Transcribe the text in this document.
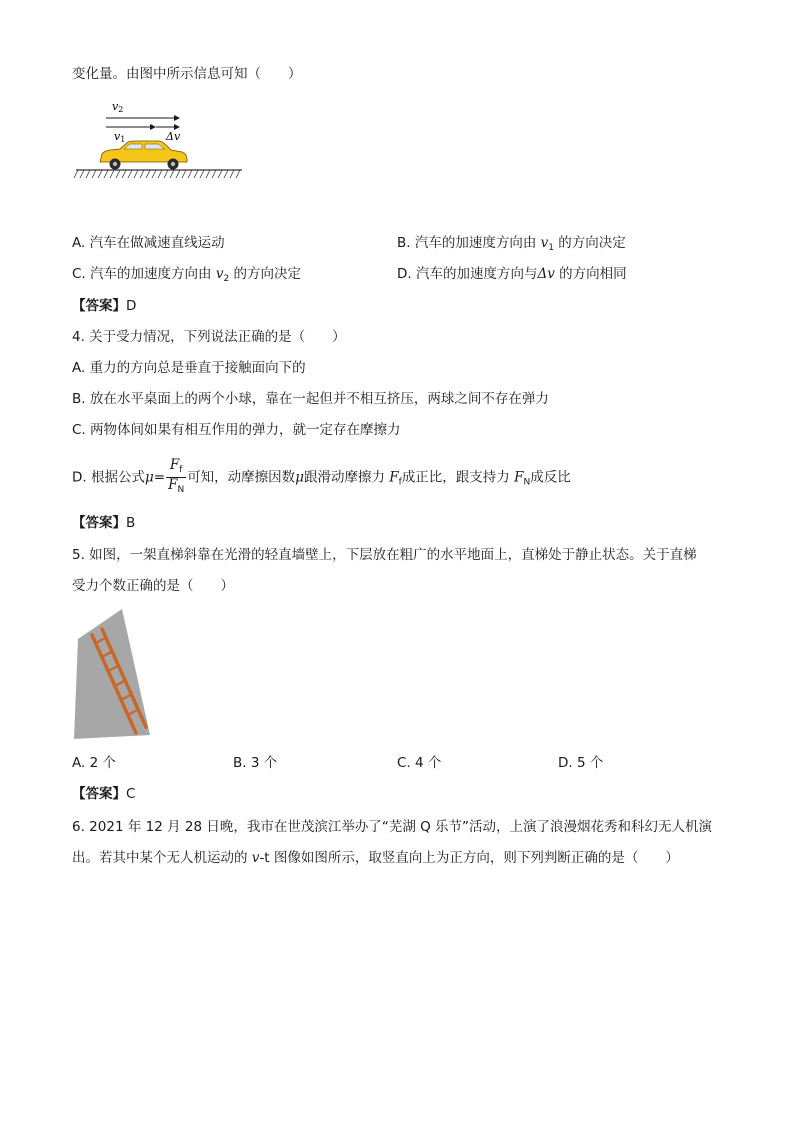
变化量。由图中所示信息可知（　　）
v2
v1	Δv
A. 汽车在做减速直线运动	B. 汽车的加速度方向由 $v_1$ 的方向决定
C. 汽车的加速度方向由 $v_2$ 的方向决定	D. 汽车的加速度方向与Δv 的方向相同
【答案】D
4. 关于受力情况，下列说法正确的是（　　）
A. 重力的方向总是垂直于接触面向下的
B. 放在水平桌面上的两个小球，靠在一起但并不相互挤压，两球之间不存在弹力
C. 两物体间如果有相互作用的弹力，就一定存在摩擦力
D. 根据公式$\mu= \frac{F_f}{F_N}$ 可知，动摩擦因数μ跟滑动摩擦力 $F_f$成正比，跟支持力 $F_N$成反比
【答案】B
5. 如图，一架直梯斜靠在光滑的轻直墙壁上，下层放在粗广的水平地面上，直梯处于静止状态。关于直梯
受力个数正确的是（　　）
A. 2 个	B. 3 个	C. 4 个	D. 5 个
【答案】C
6. 2021 年 12 月 28 日晚，我市在世茂滨江举办了“芜湖 Q 乐节”活动，上演了浪漫烟花秀和科幻无人机演
出。若其中某个无人机运动的 v-t 图像如图所示，取竖直向上为正方向，则下列判断正确的是（　　）
